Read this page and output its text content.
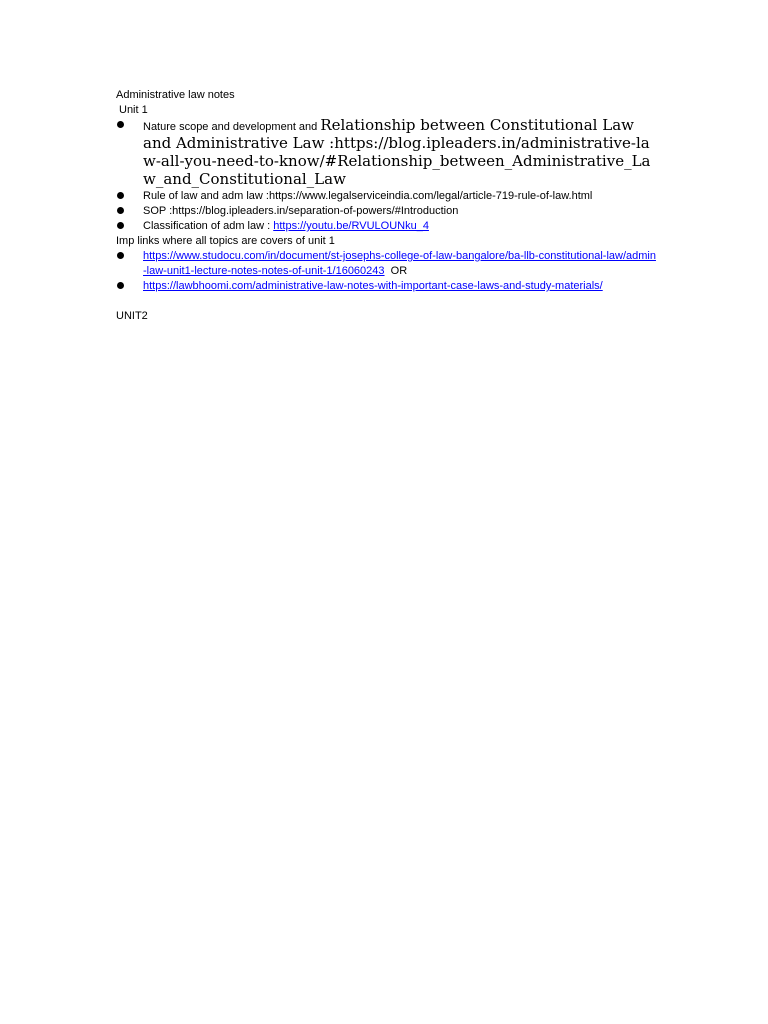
Administrative law notes
Unit 1
Nature scope and development and Relationship between Constitutional Law and Administrative Law :https://blog.ipleaders.in/administrative-law-all-you-need-to-know/#Relationship_between_Administrative_Law_and_Constitutional_Law
Rule of law and adm law :https://www.legalserviceindia.com/legal/article-719-rule-of-law.html
SOP :https://blog.ipleaders.in/separation-of-powers/#Introduction
Classification of adm law : https://youtu.be/RVULOUNku_4
Imp links where all topics are covers of unit 1
https://www.studocu.com/in/document/st-josephs-college-of-law-bangalore/ba-llb-constitutional-law/admin-law-unit1-lecture-notes-notes-of-unit-1/16060243  OR
https://lawbhoomi.com/administrative-law-notes-with-important-case-laws-and-study-materials/
UNIT2
